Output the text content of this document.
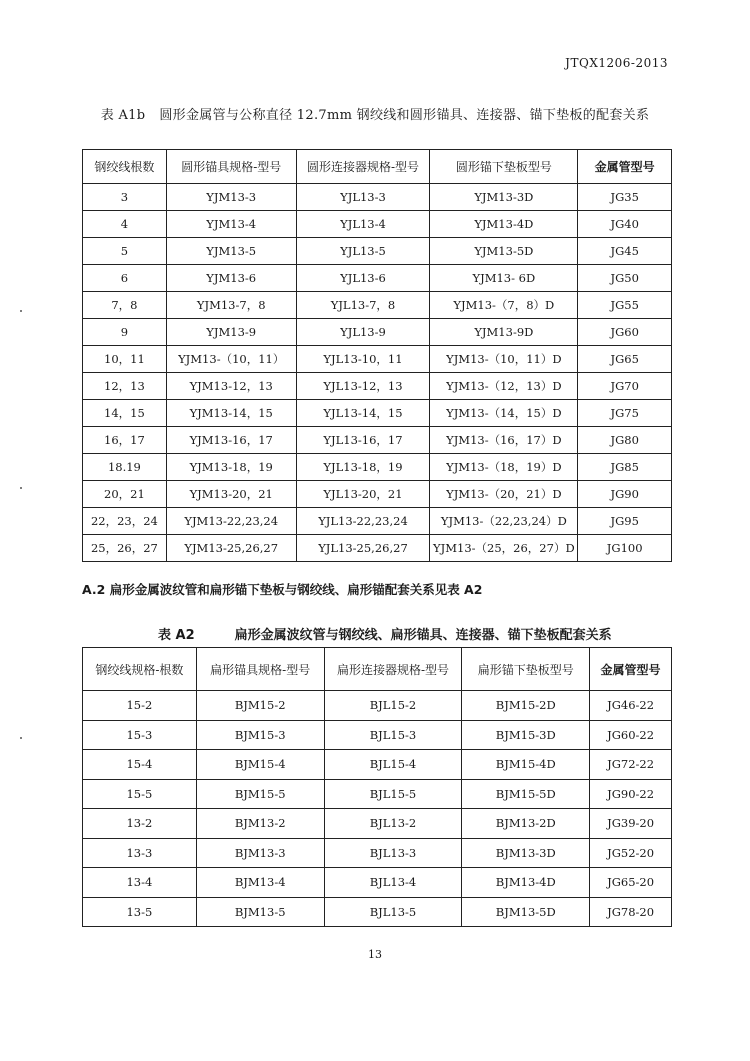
JTQX1206-2013
表 A1b 圆形金属管与公称直径 12.7mm 钢绞线和圆形锚具、连接器、锚下垫板的配套关系
钢绞线根数	圆形锚具规格-型号	圆形连接器规格-型号	圆形锚下垫板型号	金属管型号
3	YJM13-3	YJL13-3	YJM13-3D	JG35
4	YJM13-4	YJL13-4	YJM13-4D	JG40
5	YJM13-5	YJL13-5	YJM13-5D	JG45
6	YJM13-6	YJL13-6	YJM13- 6D	JG50
7，8	YJM13-7，8	YJL13-7，8	YJM13-（7，8）D	JG55
9	YJM13-9	YJL13-9	YJM13-9D	JG60
10，11	YJM13-（10，11）	YJL13-10，11	YJM13-（10，11）D	JG65
12，13	YJM13-12，13	YJL13-12，13	YJM13-（12，13）D	JG70
14，15	YJM13-14，15	YJL13-14，15	YJM13-（14，15）D	JG75
16，17	YJM13-16，17	YJL13-16，17	YJM13-（16，17）D	JG80
18.19	YJM13-18，19	YJL13-18，19	YJM13-（18，19）D	JG85
20，21	YJM13-20，21	YJL13-20，21	YJM13-（20，21）D	JG90
22，23，24	YJM13-22,23,24	YJL13-22,23,24	YJM13-（22,23,24）D	JG95
25，26，27	YJM13-25,26,27	YJL13-25,26,27	YJM13-（25，26，27）D	JG100
A.2 扁形金属波纹管和扁形锚下垫板与钢绞线、扁形锚配套关系见表 A2
表 A2	扁形金属波纹管与钢绞线、扁形锚具、连接器、锚下垫板配套关系
钢绞线规格-根数	扁形锚具规格-型号	扁形连接器规格-型号	扁形锚下垫板型号	金属管型号
15-2	BJM15-2	BJL15-2	BJM15-2D	JG46-22
15-3	BJM15-3	BJL15-3	BJM15-3D	JG60-22
15-4	BJM15-4	BJL15-4	BJM15-4D	JG72-22
15-5	BJM15-5	BJL15-5	BJM15-5D	JG90-22
13-2	BJM13-2	BJL13-2	BJM13-2D	JG39-20
13-3	BJM13-3	BJL13-3	BJM13-3D	JG52-20
13-4	BJM13-4	BJL13-4	BJM13-4D	JG65-20
13-5	BJM13-5	BJL13-5	BJM13-5D	JG78-20
13
